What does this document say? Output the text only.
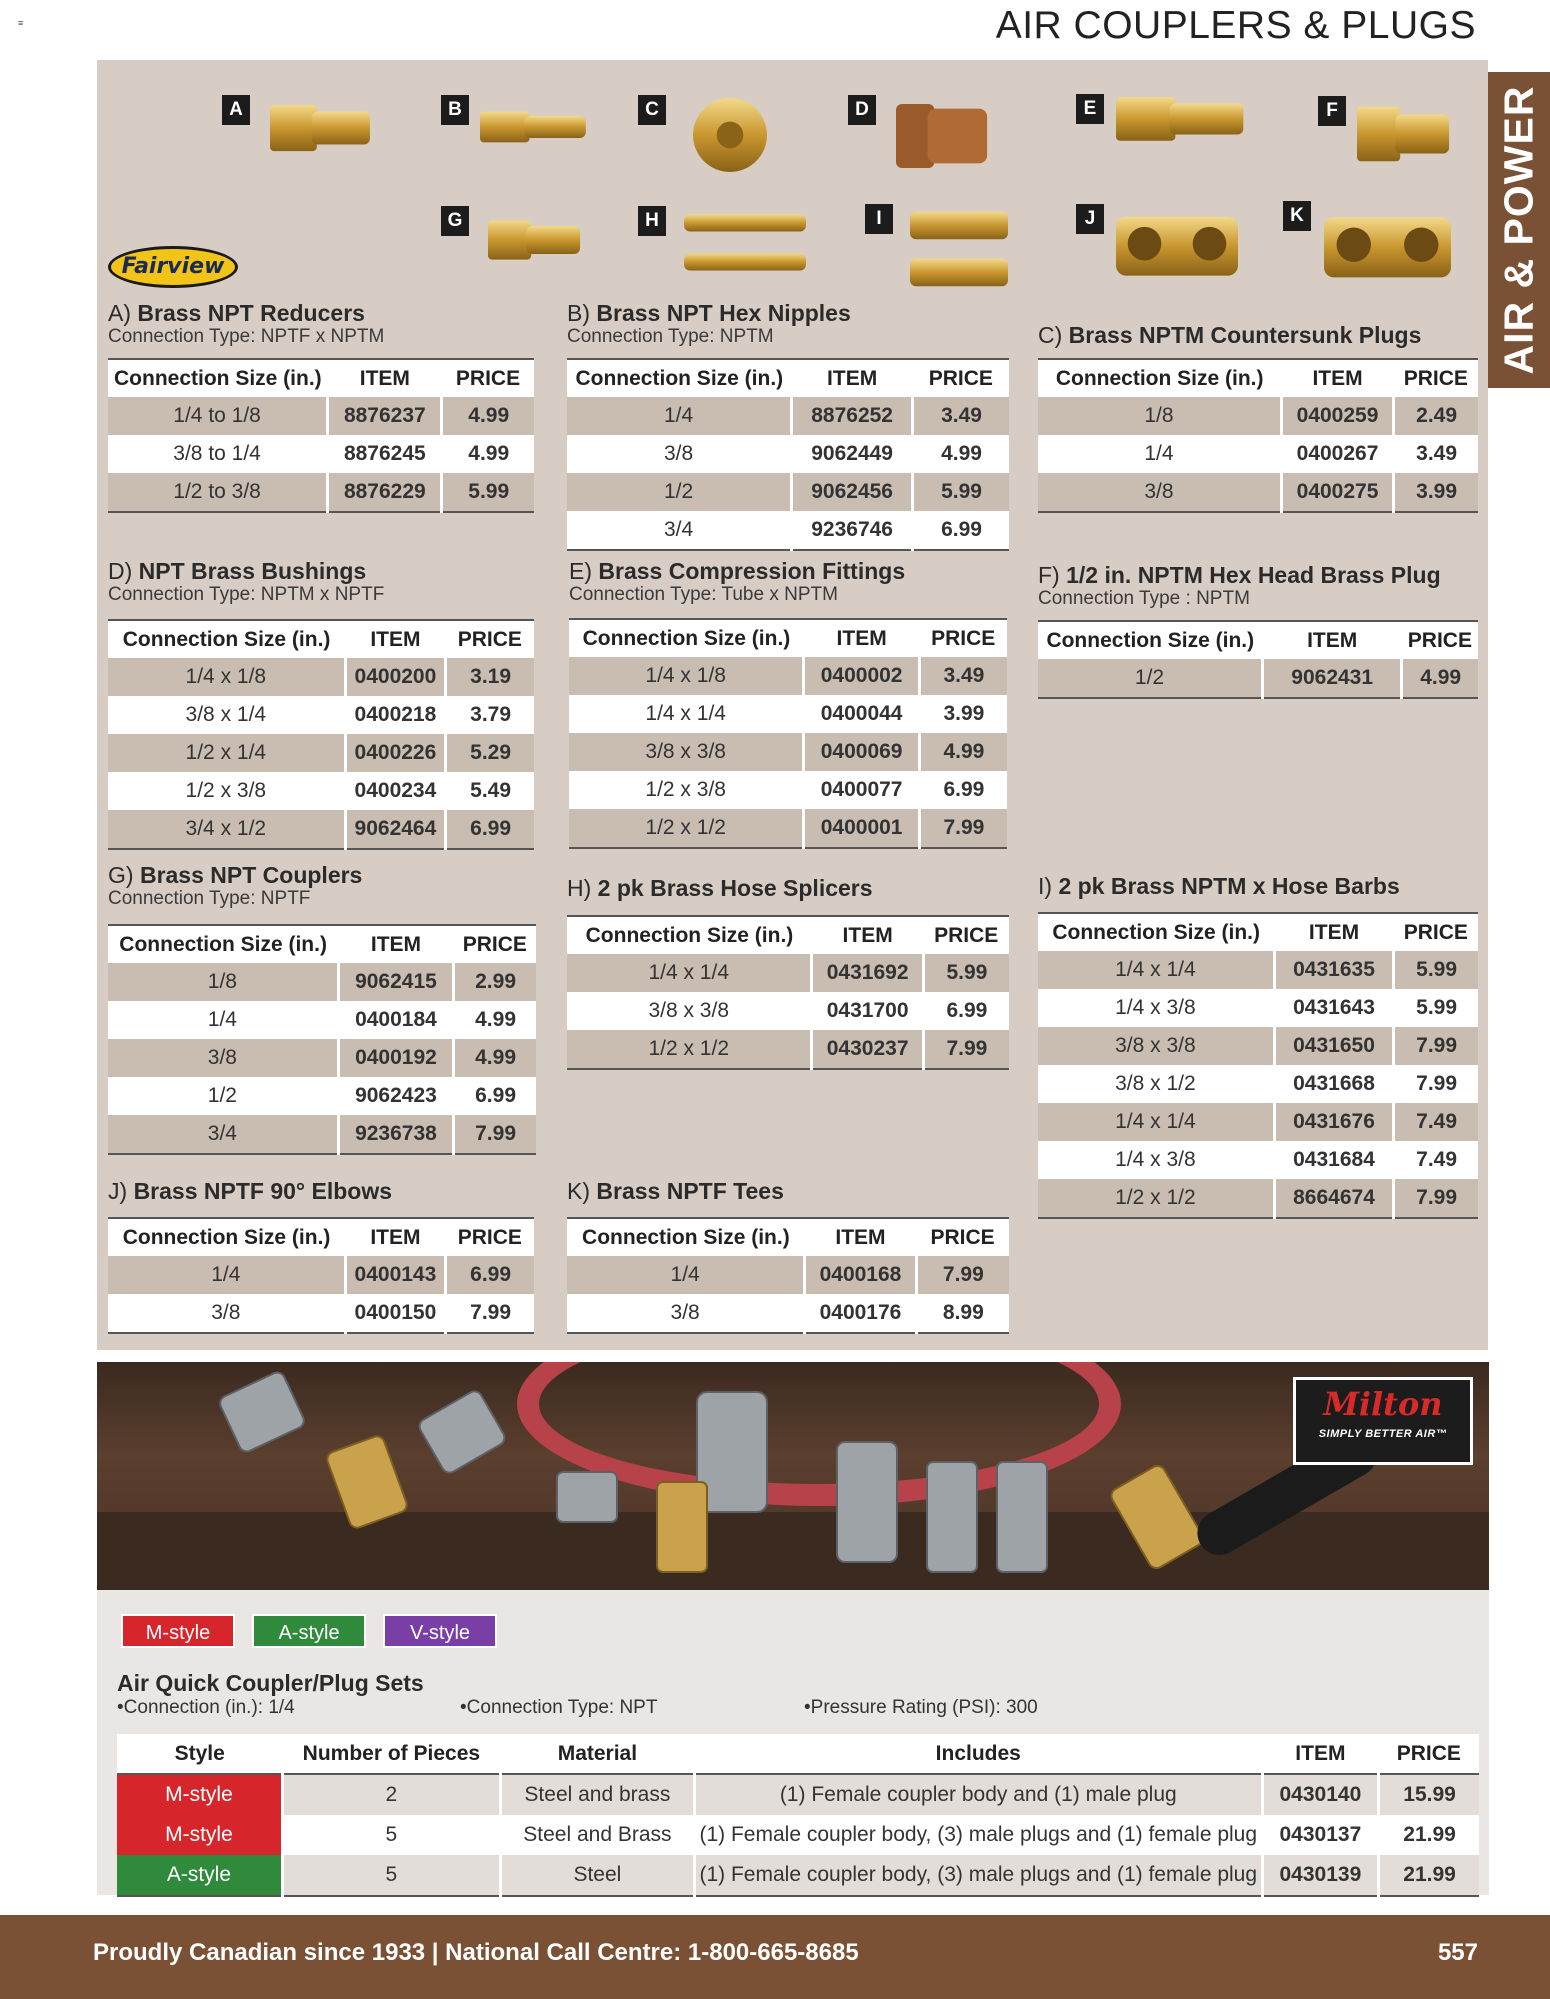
≡	AIR COUPLERS & PLUGS
AIR & POWER
A	B	C	D	E	F
G	H	I	J	K
Fairview
A) Brass NPT Reducers
Connection Type: NPTF x NPTM
Connection Size (in.)	ITEM	PRICE
1/4 to 1/8	8876237	4.99
3/8 to 1/4	8876245	4.99
1/2 to 3/8	8876229	5.99
B) Brass NPT Hex Nipples
Connection Type: NPTM
Connection Size (in.)	ITEM	PRICE
1/4	8876252	3.49
3/8	9062449	4.99
1/2	9062456	5.99
3/4	9236746	6.99
C) Brass NPTM Countersunk Plugs
Connection Size (in.)	ITEM	PRICE
1/8	0400259	2.49
1/4	0400267	3.49
3/8	0400275	3.99
D) NPT Brass Bushings
Connection Type: NPTM x NPTF
Connection Size (in.)	ITEM	PRICE
1/4 x 1/8	0400200	3.19
3/8 x 1/4	0400218	3.79
1/2 x 1/4	0400226	5.29
1/2 x 3/8	0400234	5.49
3/4 x 1/2	9062464	6.99
E) Brass Compression Fittings
Connection Type: Tube x NPTM
Connection Size (in.)	ITEM	PRICE
1/4 x 1/8	0400002	3.49
1/4 x 1/4	0400044	3.99
3/8 x 3/8	0400069	4.99
1/2 x 3/8	0400077	6.99
1/2 x 1/2	0400001	7.99
F) 1/2 in. NPTM Hex Head Brass Plug
Connection Type : NPTM
Connection Size (in.)	ITEM	PRICE
1/2	9062431	4.99
G) Brass NPT Couplers
Connection Type: NPTF
Connection Size (in.)	ITEM	PRICE
1/8	9062415	2.99
1/4	0400184	4.99
3/8	0400192	4.99
1/2	9062423	6.99
3/4	9236738	7.99
H) 2 pk Brass Hose Splicers
Connection Size (in.)	ITEM	PRICE
1/4 x 1/4	0431692	5.99
3/8 x 3/8	0431700	6.99
1/2 x 1/2	0430237	7.99
I) 2 pk Brass NPTM x Hose Barbs
Connection Size (in.)	ITEM	PRICE
1/4 x 1/4	0431635	5.99
1/4 x 3/8	0431643	5.99
3/8 x 3/8	0431650	7.99
3/8 x 1/2	0431668	7.99
1/4 x 1/4	0431676	7.49
1/4 x 3/8	0431684	7.49
1/2 x 1/2	8664674	7.99
J) Brass NPTF 90° Elbows
Connection Size (in.)	ITEM	PRICE
1/4	0400143	6.99
3/8	0400150	7.99
K) Brass NPTF Tees
Connection Size (in.)	ITEM	PRICE
1/4	0400168	7.99
3/8	0400176	8.99
Milton
SIMPLY BETTER AIR™
M-style	A-style	V-style
Air Quick Coupler/Plug Sets
•Connection (in.): 1/4	•Connection Type: NPT	•Pressure Rating (PSI): 300
Style	Number of Pieces	Material	Includes	ITEM	PRICE
M-style	2	Steel and brass	(1) Female coupler body and (1) male plug	0430140	15.99
M-style	5	Steel and Brass	(1) Female coupler body, (3) male plugs and (1) female plug	0430137	21.99
A-style	5	Steel	(1) Female coupler body, (3) male plugs and (1) female plug	0430139	21.99
Proudly Canadian since 1933 | National Call Centre: 1-800-665-8685	557
